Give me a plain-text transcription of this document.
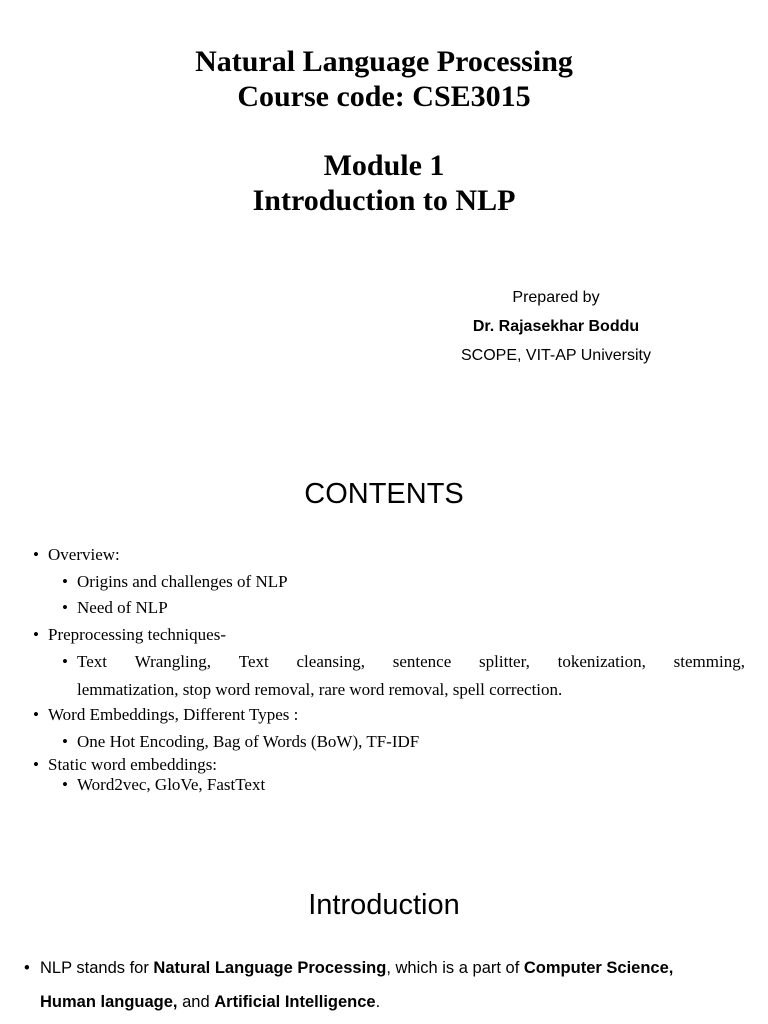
Natural Language Processing
Course code: CSE3015
Module 1
Introduction to NLP
Prepared by
Dr. Rajasekhar Boddu
SCOPE, VIT-AP University
CONTENTS
• Overview:
• Origins and challenges of NLP
• Need of NLP
• Preprocessing techniques-
• Text Wrangling, Text cleansing, sentence splitter, tokenization, stemming,
lemmatization, stop word removal, rare word removal, spell correction.
• Word Embeddings, Different Types :
• One Hot Encoding, Bag of Words (BoW), TF-IDF
• Static word embeddings:
• Word2vec, GloVe, FastText
Introduction
• NLP stands for Natural Language Processing, which is a part of Computer Science,
Human language, and Artificial Intelligence.
